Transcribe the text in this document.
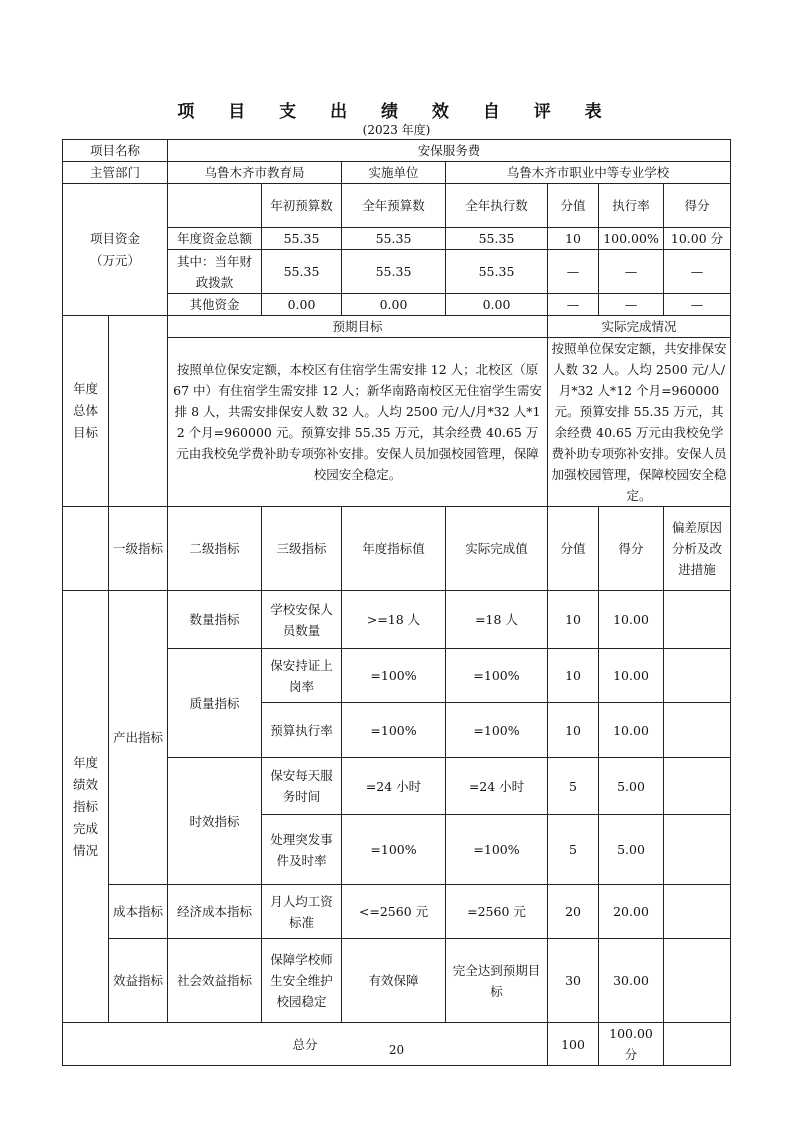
项 目 支 出 绩 效 自 评 表
(2023 年度)
项目名称		安保服务费						
主管部门		乌鲁木齐市教育局		实施单位	乌鲁木齐市职业中等专业学校			
项目资金
（万元）			年初预算数	全年预算数	全年执行数	分值	执行率	得分
		年度资金总额	55.35	55.35	55.35	10	100.00%	10.00 分
		其中：当年财政拨款	55.35	55.35	55.35	—	—	—
		其他资金	0.00	0.00	0.00	—	—	—
年度
总体
目标		预期目标				实际完成情况		
		按照单位保安定额，本校区有住宿学生需安排 12 人；北校区（原 67 中）有住宿学生需安排 12 人；新华南路南校区无住宿学生需安排 8 人，共需安排保安人数 32 人。人均 2500 元/人/月*32 人*12 个月=960000 元。预算安排 55.35 万元，其余经费 40.65 万元由我校免学费补助专项弥补安排。安保人员加强校园管理，保障校园安全稳定。				按照单位保安定额，共安排保安人数 32 人。人均 2500 元/人/月*32 人*12 个月=960000 元。预算安排 55.35 万元，其余经费 40.65 万元由我校免学费补助专项弥补安排。安保人员加强校园管理，保障校园安全稳定。		
	一级指标	二级指标	三级指标	年度指标值	实际完成值	分值	得分	偏差原因分析及改进措施
年度
绩效
指标
完成
情况	产出指标	数量指标	学校安保人员数量	>=18 人	=18 人	10	10.00	
		质量指标	保安持证上岗率	=100%	=100%	10	10.00	
			预算执行率	=100%	=100%	10	10.00	
		时效指标	保安每天服务时间	=24 小时	=24 小时	5	5.00	
			处理突发事件及时率	=100%	=100%	5	5.00	
	成本指标	经济成本指标	月人均工资标准	<=2560 元	=2560 元	20	20.00	
	效益指标	社会效益指标	保障学校师生安全维护校园稳定	有效保障	完全达到预期目标	30	30.00	
总分						100	100.00 分	
20
